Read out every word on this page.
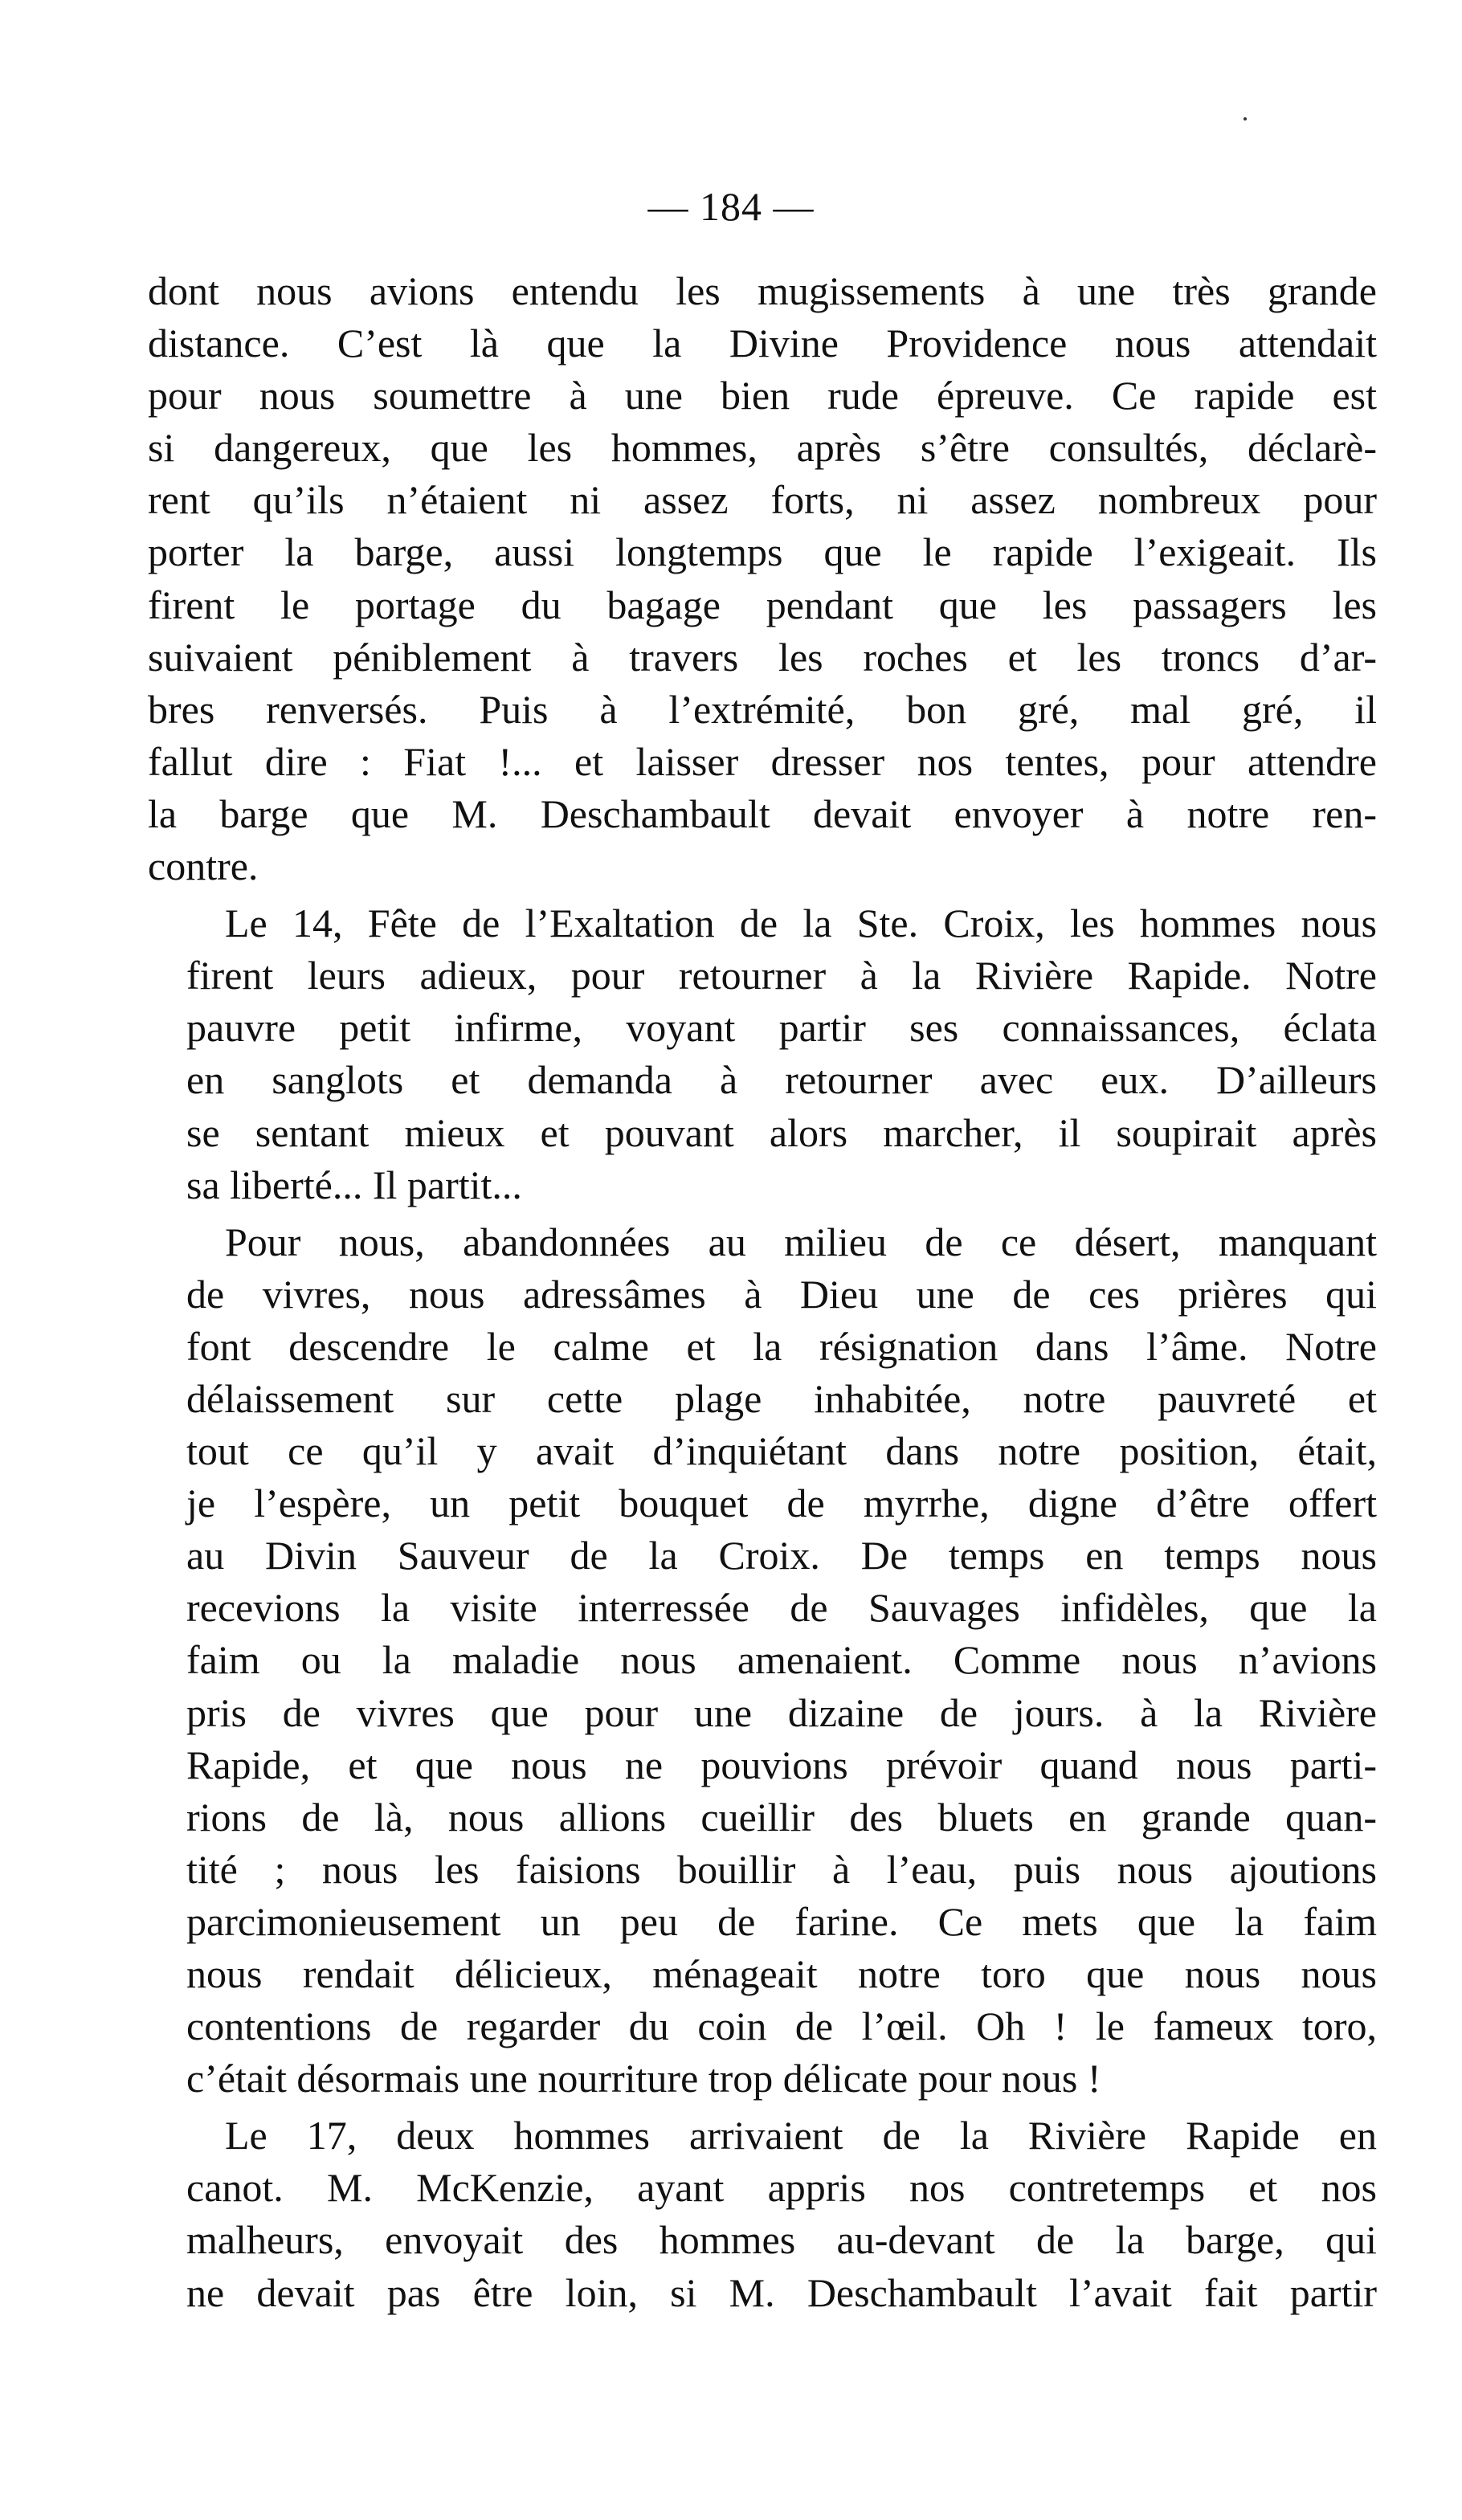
— 184 —
dont nous avions entendu les mugissements à une très grande
distance. C’est là que la Divine Providence nous attendait
pour nous soumettre à une bien rude épreuve. Ce rapide est
si dangereux, que les hommes, après s’être consultés, déclarè-
rent qu’ils n’étaient ni assez forts, ni assez nombreux pour
porter la barge, aussi longtemps que le rapide l’exigeait. Ils
firent le portage du bagage pendant que les passagers les
suivaient péniblement à travers les roches et les troncs d’ar-
bres renversés. Puis à l’extrémité, bon gré, mal gré, il
fallut dire : Fiat !... et laisser dresser nos tentes, pour attendre
la barge que M. Deschambault devait envoyer à notre ren-
contre.
Le 14, Fête de l’Exaltation de la Ste. Croix, les hommes nous
firent leurs adieux, pour retourner à la Rivière Rapide. Notre
pauvre petit infirme, voyant partir ses connaissances, éclata
en sanglots et demanda à retourner avec eux. D’ailleurs
se sentant mieux et pouvant alors marcher, il soupirait après
sa liberté... Il partit...
Pour nous, abandonnées au milieu de ce désert, manquant
de vivres, nous adressâmes à Dieu une de ces prières qui
font descendre le calme et la résignation dans l’âme. Notre
délaissement sur cette plage inhabitée, notre pauvreté et
tout ce qu’il y avait d’inquiétant dans notre position, était,
je l’espère, un petit bouquet de myrrhe, digne d’être offert
au Divin Sauveur de la Croix. De temps en temps nous
recevions la visite interressée de Sauvages infidèles, que la
faim ou la maladie nous amenaient. Comme nous n’avions
pris de vivres que pour une dizaine de jours. à la Rivière
Rapide, et que nous ne pouvions prévoir quand nous parti-
rions de là, nous allions cueillir des bluets en grande quan-
tité ; nous les faisions bouillir à l’eau, puis nous ajoutions
parcimonieusement un peu de farine. Ce mets que la faim
nous rendait délicieux, ménageait notre toro que nous nous
contentions de regarder du coin de l’œil. Oh ! le fameux toro,
c’était désormais une nourriture trop délicate pour nous !
Le 17, deux hommes arrivaient de la Rivière Rapide en
canot. M. McKenzie, ayant appris nos contretemps et nos
malheurs, envoyait des hommes au-devant de la barge, qui
ne devait pas être loin, si M. Deschambault l’avait fait partir
